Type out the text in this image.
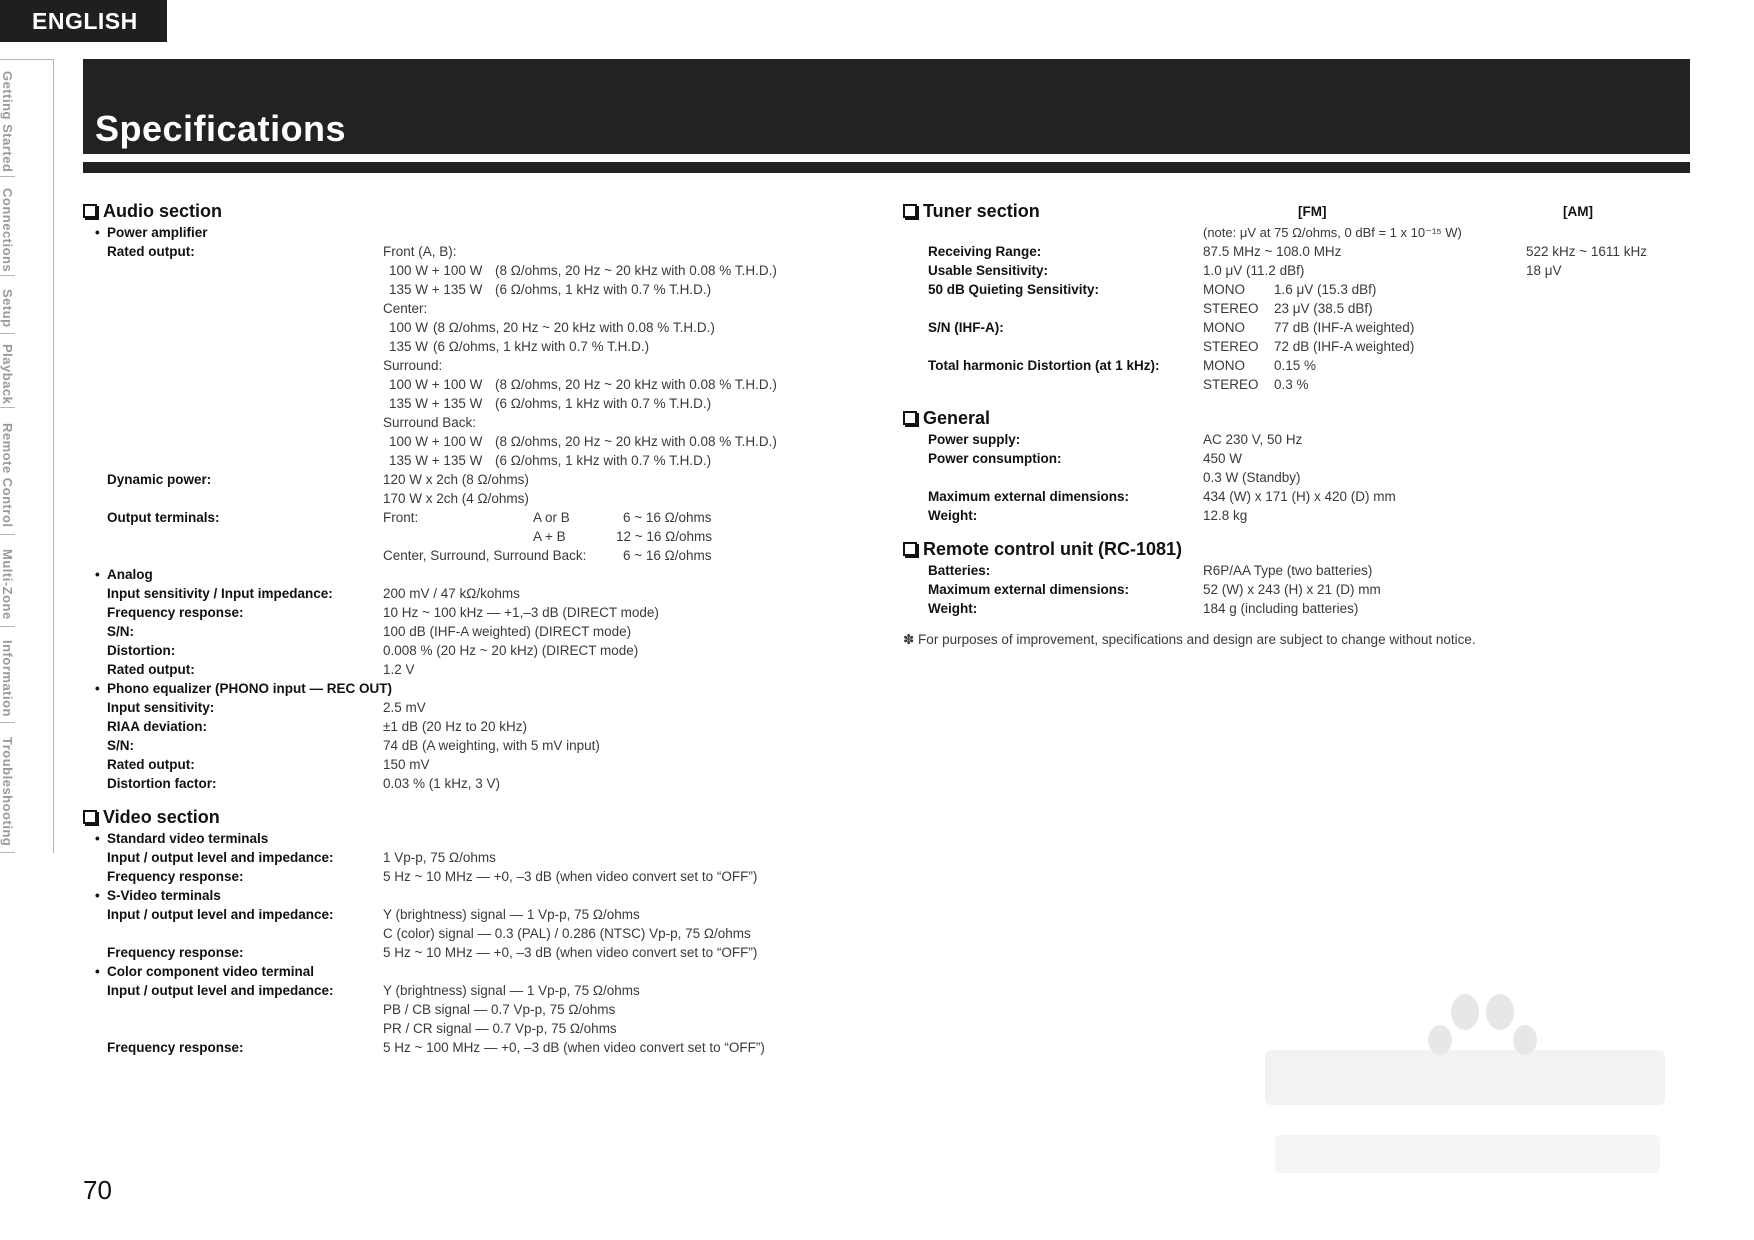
ENGLISH
Getting Started
Connections
Setup
Playback
Remote Control
Multi-Zone
Information
Troubleshooting
Specifications
Audio section
• Power amplifier
Rated output:	Front (A, B):
100 W + 100 W (8 Ω/ohms, 20 Hz ~ 20 kHz with 0.08 % T.H.D.)
135 W + 135 W (6 Ω/ohms, 1 kHz with 0.7 % T.H.D.)
Center:
100 W (8 Ω/ohms, 20 Hz ~ 20 kHz with 0.08 % T.H.D.)
135 W (6 Ω/ohms, 1 kHz with 0.7 % T.H.D.)
Surround:
100 W + 100 W (8 Ω/ohms, 20 Hz ~ 20 kHz with 0.08 % T.H.D.)
135 W + 135 W (6 Ω/ohms, 1 kHz with 0.7 % T.H.D.)
Surround Back:
100 W + 100 W (8 Ω/ohms, 20 Hz ~ 20 kHz with 0.08 % T.H.D.)
135 W + 135 W (6 Ω/ohms, 1 kHz with 0.7 % T.H.D.)
Dynamic power:	120 W x 2ch (8 Ω/ohms)
170 W x 2ch (4 Ω/ohms)
Output terminals:	Front:	A or B	6 ~ 16 Ω/ohms
A + B	12 ~ 16 Ω/ohms
Center, Surround, Surround Back:	6 ~ 16 Ω/ohms
• Analog
Input sensitivity / Input impedance:	200 mV / 47 kΩ/kohms
Frequency response:	10 Hz ~ 100 kHz — +1,–3 dB (DIRECT mode)
S/N:	100 dB (IHF-A weighted) (DIRECT mode)
Distortion:	0.008 % (20 Hz ~ 20 kHz) (DIRECT mode)
Rated output:	1.2 V
• Phono equalizer (PHONO input — REC OUT)
Input sensitivity:	2.5 mV
RIAA deviation:	±1 dB (20 Hz to 20 kHz)
S/N:	74 dB (A weighting, with 5 mV input)
Rated output:	150 mV
Distortion factor:	0.03 % (1 kHz, 3 V)
Video section
• Standard video terminals
Input / output level and impedance:	1 Vp-p, 75 Ω/ohms
Frequency response:	5 Hz ~ 10 MHz — +0, –3 dB (when video convert set to “OFF”)
• S-Video terminals
Input / output level and impedance:	Y (brightness) signal — 1 Vp-p, 75 Ω/ohms
C (color) signal — 0.3 (PAL) / 0.286 (NTSC) Vp-p, 75 Ω/ohms
Frequency response:	5 Hz ~ 10 MHz — +0, –3 dB (when video convert set to “OFF”)
• Color component video terminal
Input / output level and impedance:	Y (brightness) signal — 1 Vp-p, 75 Ω/ohms
PB / CB signal — 0.7 Vp-p, 75 Ω/ohms
PR / CR signal — 0.7 Vp-p, 75 Ω/ohms
Frequency response:	5 Hz ~ 100 MHz — +0, –3 dB (when video convert set to “OFF”)
Tuner section	[FM]	[AM]
(note: μV at 75 Ω/ohms, 0 dBf = 1 x 10⁻¹⁵ W)
Receiving Range:	87.5 MHz ~ 108.0 MHz	522 kHz ~ 1611 kHz
Usable Sensitivity:	1.0 μV (11.2 dBf)	18 μV
50 dB Quieting Sensitivity:	MONO 1.6 μV (15.3 dBf)
STEREO 23 μV (38.5 dBf)
S/N (IHF-A):	MONO 77 dB (IHF-A weighted)
STEREO 72 dB (IHF-A weighted)
Total harmonic Distortion (at 1 kHz):	MONO 0.15 %
STEREO 0.3 %
General
Power supply:	AC 230 V, 50 Hz
Power consumption:	450 W
0.3 W (Standby)
Maximum external dimensions:	434 (W) x 171 (H) x 420 (D) mm
Weight:	12.8 kg
Remote control unit (RC-1081)
Batteries:	R6P/AA Type (two batteries)
Maximum external dimensions:	52 (W) x 243 (H) x 21 (D) mm
Weight:	184 g (including batteries)
✽ For purposes of improvement, specifications and design are subject to change without notice.
70
